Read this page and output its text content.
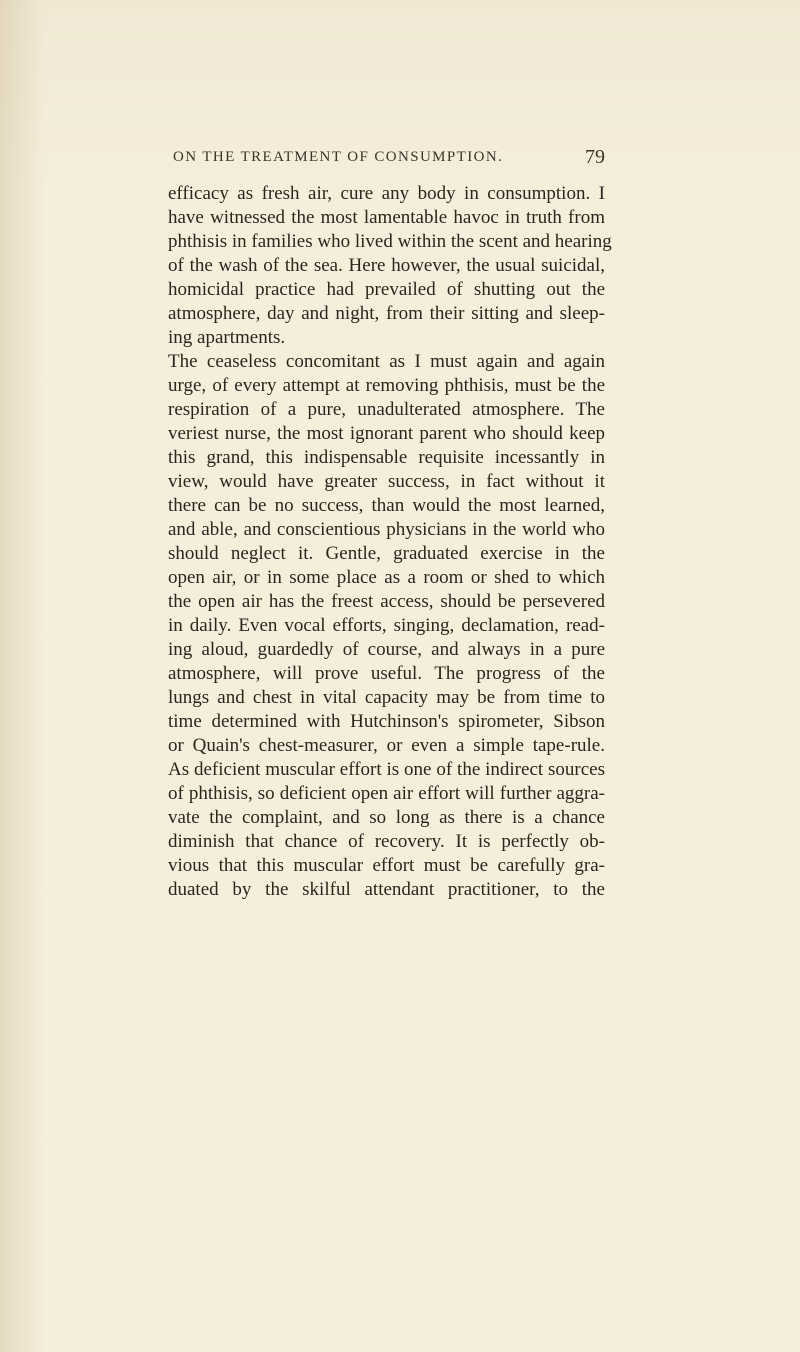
ON THE TREATMENT OF CONSUMPTION.	79
efficacy as fresh air, cure any body in consumption. I
have witnessed the most lamentable havoc in truth from
phthisis in families who lived within the scent and hearing
of the wash of the sea. Here however, the usual suicidal,
homicidal practice had prevailed of shutting out the
atmosphere, day and night, from their sitting and sleep-
ing apartments.
The ceaseless concomitant as I must again and again
urge, of every attempt at removing phthisis, must be the
respiration of a pure, unadulterated atmosphere. The
veriest nurse, the most ignorant parent who should keep
this grand, this indispensable requisite incessantly in
view, would have greater success, in fact without it
there can be no success, than would the most learned,
and able, and conscientious physicians in the world who
should neglect it. Gentle, graduated exercise in the
open air, or in some place as a room or shed to which
the open air has the freest access, should be persevered
in daily. Even vocal efforts, singing, declamation, read-
ing aloud, guardedly of course, and always in a pure
atmosphere, will prove useful. The progress of the
lungs and chest in vital capacity may be from time to
time determined with Hutchinson's spirometer, Sibson
or Quain's chest-measurer, or even a simple tape-rule.
As deficient muscular effort is one of the indirect sources
of phthisis, so deficient open air effort will further aggra-
vate the complaint, and so long as there is a chance
diminish that chance of recovery. It is perfectly ob-
vious that this muscular effort must be carefully gra-
duated by the skilful attendant practitioner, to the
